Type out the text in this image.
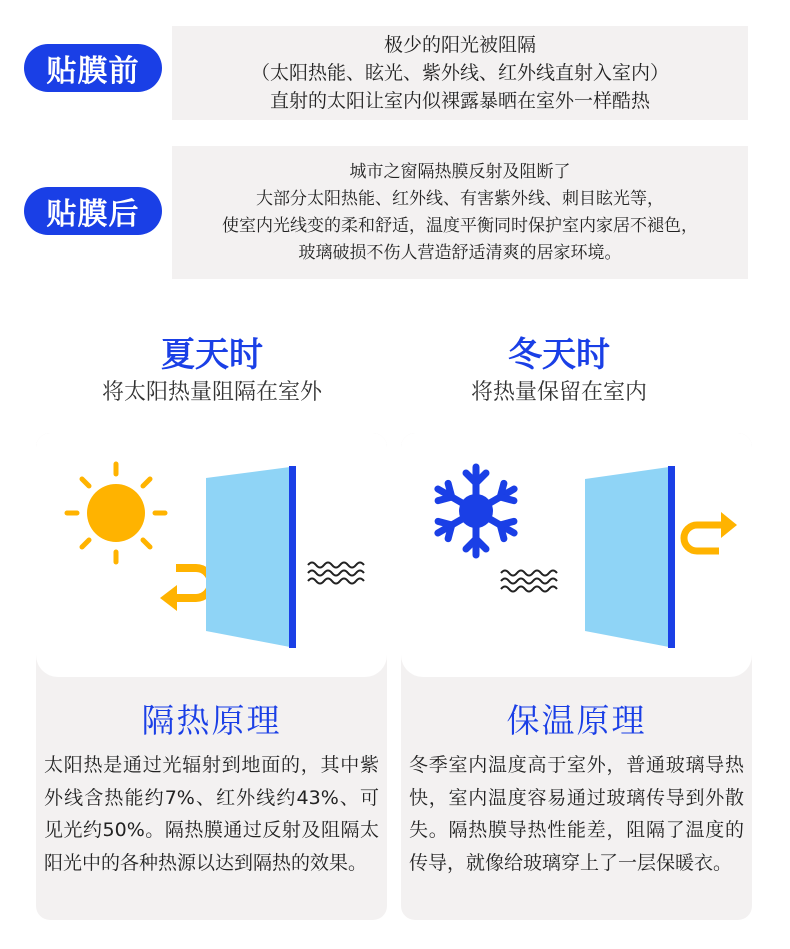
贴膜前
极少的阳光被阻隔
（太阳热能、眩光、紫外线、红外线直射入室内）
直射的太阳让室内似裸露暴晒在室外一样酷热
贴膜后
城市之窗隔热膜反射及阻断了
大部分太阳热能、红外线、有害紫外线、刺目眩光等，
使室内光线变的柔和舒适，温度平衡同时保护室内家居不褪色，
玻璃破损不伤人营造舒适清爽的居家环境。
夏天时
将太阳热量阻隔在室外
冬天时
将热量保留在室内
隔热原理
太阳热是通过光辐射到地面的，其中紫外线含热能约7%、红外线约43%、可见光约50%。隔热膜通过反射及阻隔太阳光中的各种热源以达到隔热的效果。
保温原理
冬季室内温度高于室外，普通玻璃导热快，室内温度容易通过玻璃传导到外散失。隔热膜导热性能差，阻隔了温度的传导，就像给玻璃穿上了一层保暖衣。
